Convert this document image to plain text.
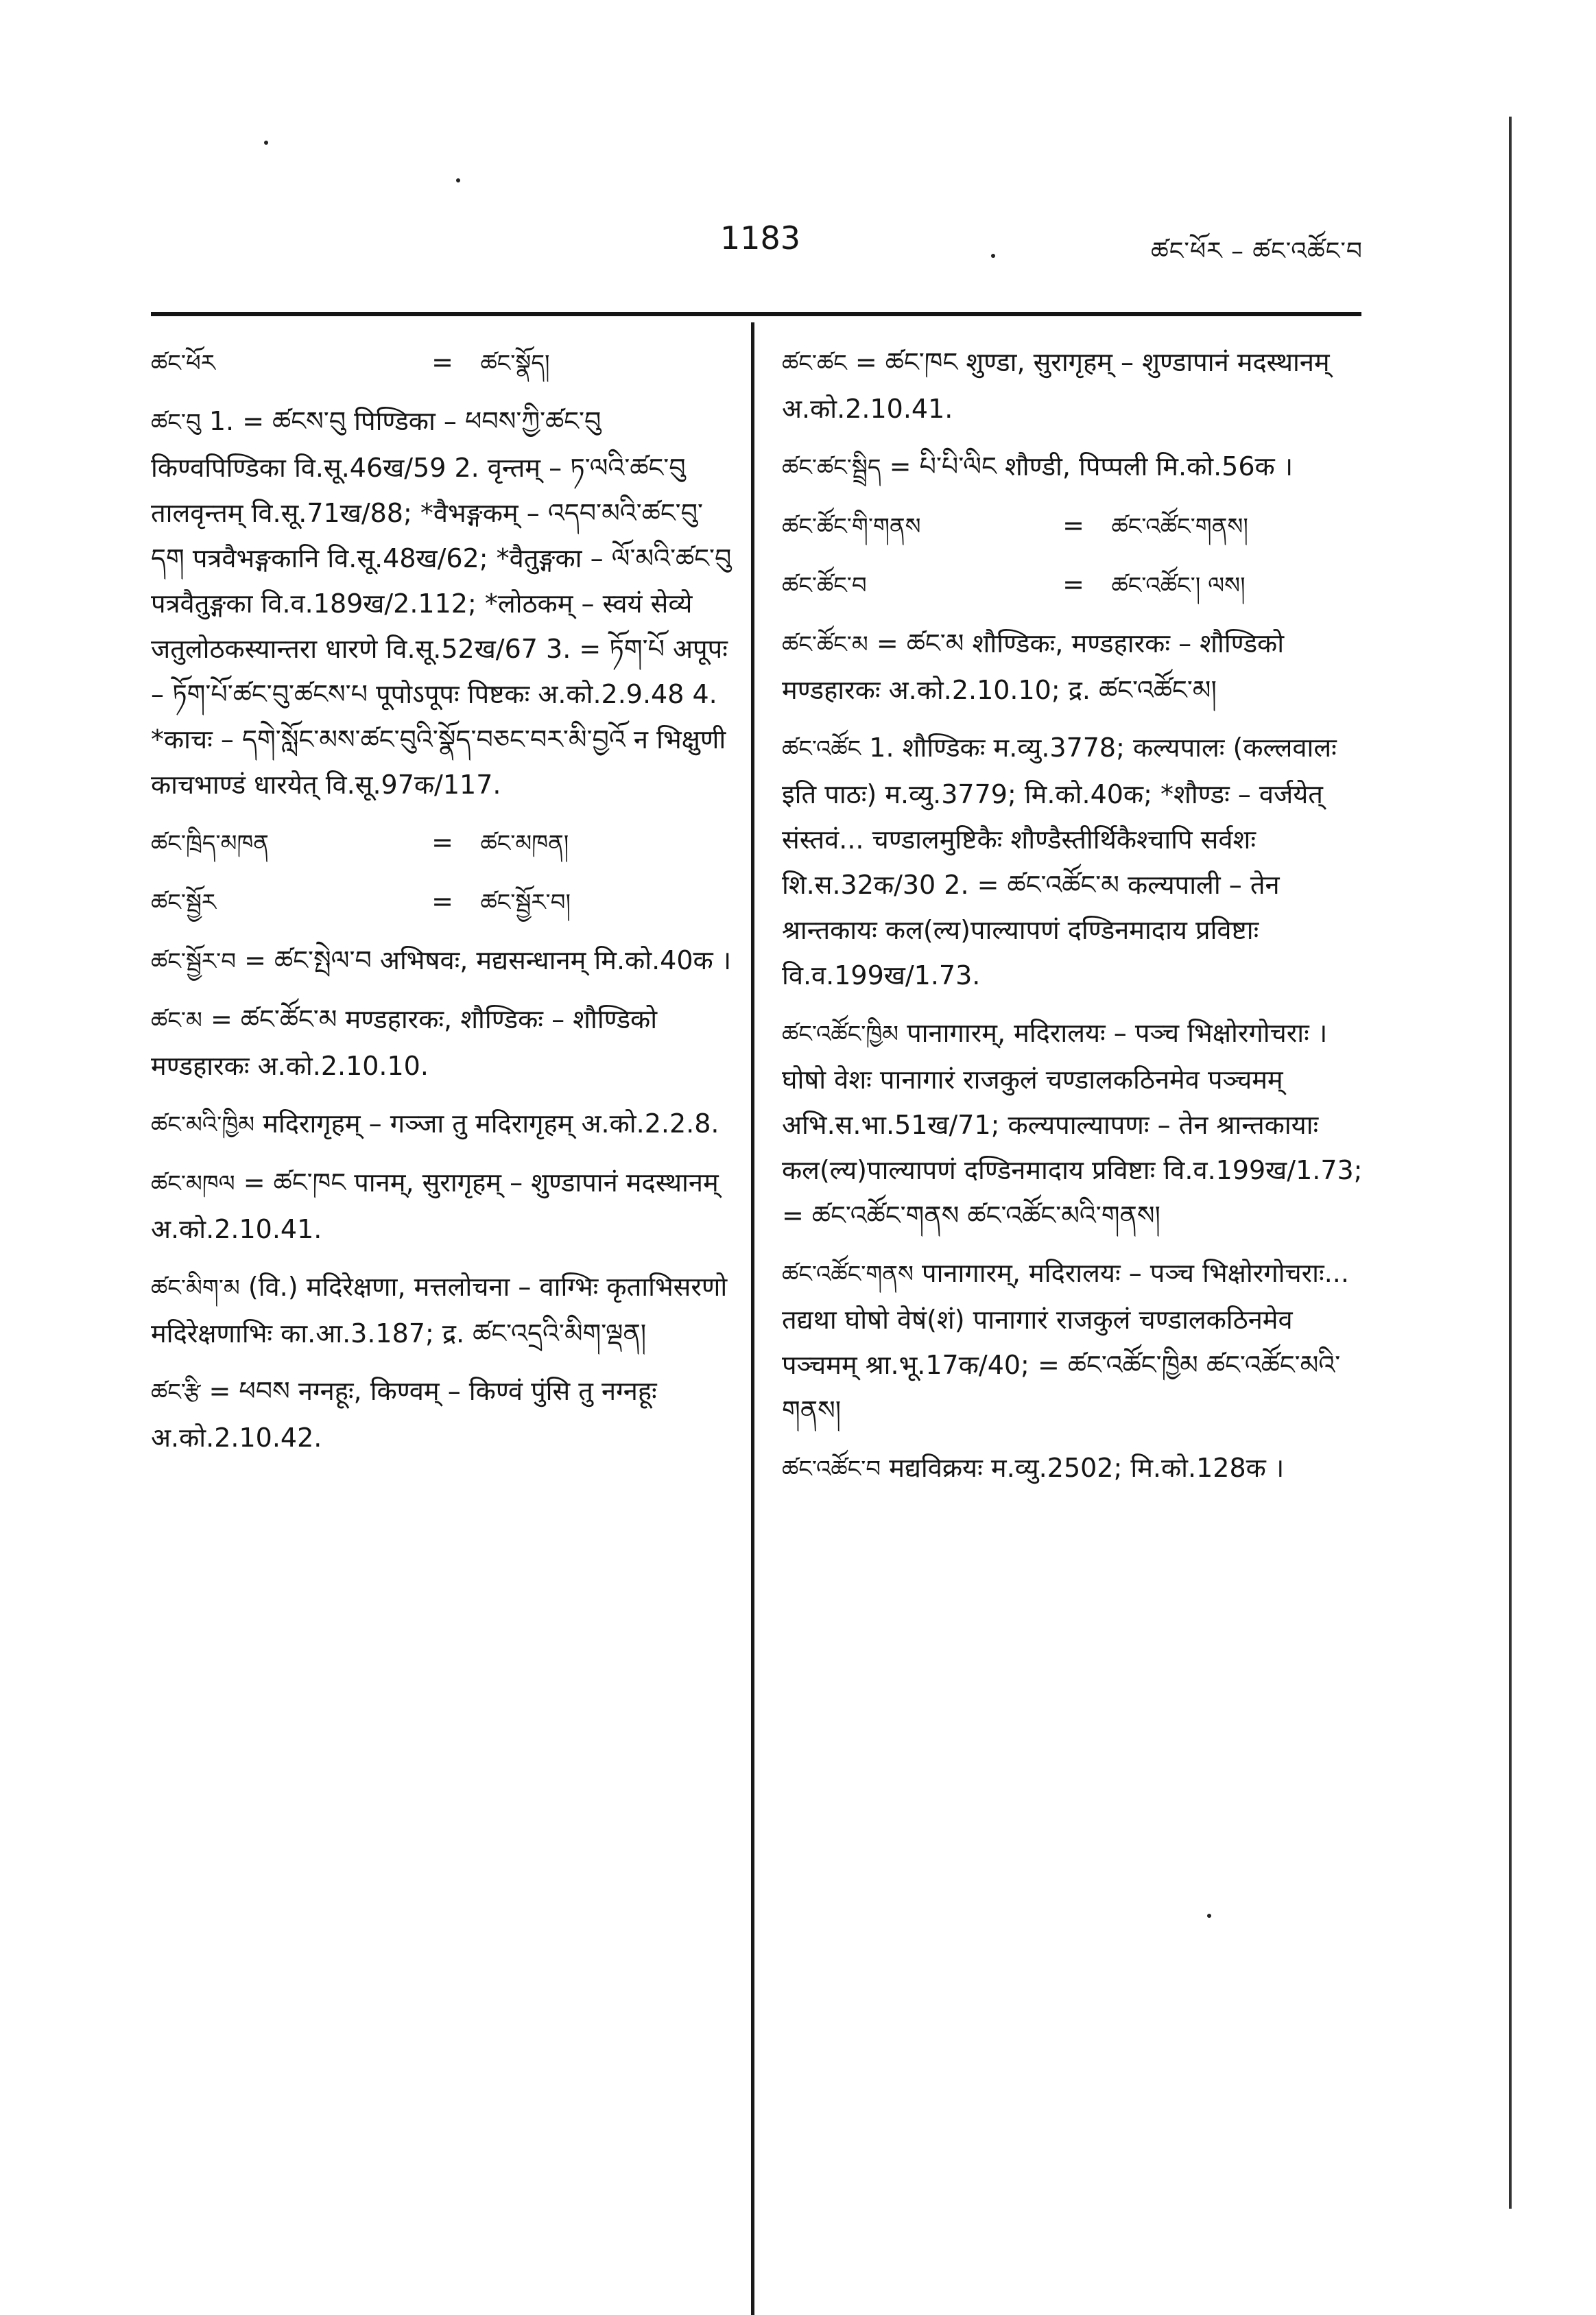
1183	ཚང་ཕོར – ཚང་འཚོང་བ
ཚང་ཕོར	=	ཚང་སྣོད།
ཚང་བུ 1. = ཚངས་བུ पिण्डिका – ཕབས་ཀྱི་ཚང་བུ किण्वपिण्डिका वि.सू.46ख/59 2. वृन्तम् – ཏ་ལའི་ཚང་བུ तालवृन्तम् वि.सू.71ख/88; *वैभङ्गकम् – འདབ་མའི་ཚང་བུ་དག पत्रवैभङ्गकानि वि.सू.48ख/62; *वैतुङ्गका – ལོ་མའི་ཚང་བུ पत्रवैतुङ्गका वि.व.189ख/2.112; *लोठकम् – स्वयं सेव्ये जतुलोठकस्यान्तरा धारणे वि.सू.52ख/67 3. = ཏོག་པོ अपूपः – ཏོག་པོ་ཚང་བུ་ཚངས་པ पूपोऽपूपः पिष्टकः अ.को.2.9.48 4. *काचः – དགེ་སློང་མས་ཚང་བུའི་སྣོད་བཅང་བར་མི་བྱའོ न भिक्षुणी काचभाण्डं धारयेत् वि.सू.97क/117.
ཚང་ཁྲིད་མཁན	=	ཚང་མཁན།
ཚང་སྦྱོར	=	ཚང་སྦྱོར་བ།
ཚང་སྦྱོར་བ = ཚང་སྤེལ་བ अभिषवः, मद्यसन्धानम् मि.को.40क ।
ཚང་མ = ཚང་ཚོང་མ मण्डहारकः, शौण्डिकः – शौण्डिको मण्डहारकः अ.को.2.10.10.
ཚང་མའི་ཁྱིམ मदिरागृहम् – गञ्जा तु मदिरागृहम् अ.को.2.2.8.
ཚང་མཁལ = ཚང་ཁང पानम्, सुरागृहम् – शुण्डापानं मदस्थानम् अ.को.2.10.41.
ཚང་མིག་མ (वि.) मदिरेक्षणा, मत्तलोचना – वाग्भिः कृताभिसरणो मदिरेक्षणाभिः का.आ.3.187; द्र. ཚང་འདྲའི་མིག་ལྡན།
ཚང་རྩི = ཕབས नग्नहूः, किण्वम् – किण्वं पुंसि तु नग्नहूः अ.को.2.10.42.
ཚང་ཚང = ཚང་ཁང शुण्डा, सुरागृहम् – शुण्डापानं मदस्थानम् अ.को.2.10.41.
ཚང་ཚང་སྦྲིད = པི་པི་ལིང शौण्डी, पिप्पली मि.को.56क ।
ཚང་ཚོང་གི་གནས	=	ཚང་འཚོང་གནས།
ཚང་ཚོང་བ	=	ཚང་འཚོང་། ལས།
ཚང་ཚོང་མ = ཚང་མ शौण्डिकः, मण्डहारकः – शौण्डिको मण्डहारकः अ.को.2.10.10; द्र. ཚང་འཚོང་མ།
ཚང་འཚོང 1. शौण्डिकः म.व्यु.3778; कल्यपालः (कल्लवालः इति पाठः) म.व्यु.3779; मि.को.40क; *शौण्डः – वर्जयेत् संस्तवं... चण्डालमुष्टिकैः शौण्डैस्तीर्थिकैश्चापि सर्वशः शि.स.32क/30 2. = ཚང་འཚོང་མ कल्यपाली – तेन श्रान्तकायः कल(ल्य)पाल्यापणं दण्डिनमादाय प्रविष्टाः वि.व.199ख/1.73.
ཚང་འཚོང་ཁྱིམ पानागारम्, मदिरालयः – पञ्च भिक्षोरगोचराः । घोषो वेशः पानागारं राजकुलं चण्डालकठिनमेव पञ्चमम् अभि.स.भा.51ख/71; कल्यपाल्यापणः – तेन श्रान्तकायाः कल(ल्य)पाल्यापणं दण्डिनमादाय प्रविष्टाः वि.व.199ख/1.73; = ཚང་འཚོང་གནས ཚང་འཚོང་མའི་གནས།
ཚང་འཚོང་གནས पानागारम्, मदिरालयः – पञ्च भिक्षोरगोचराः... तद्यथा घोषो वेषं(शं) पानागारं राजकुलं चण्डालकठिनमेव पञ्चमम् श्रा.भू.17क/40; = ཚང་འཚོང་ཁྱིམ ཚང་འཚོང་མའི་གནས།
ཚང་འཚོང་བ मद्यविक्रयः म.व्यु.2502; मि.को.128क ।
